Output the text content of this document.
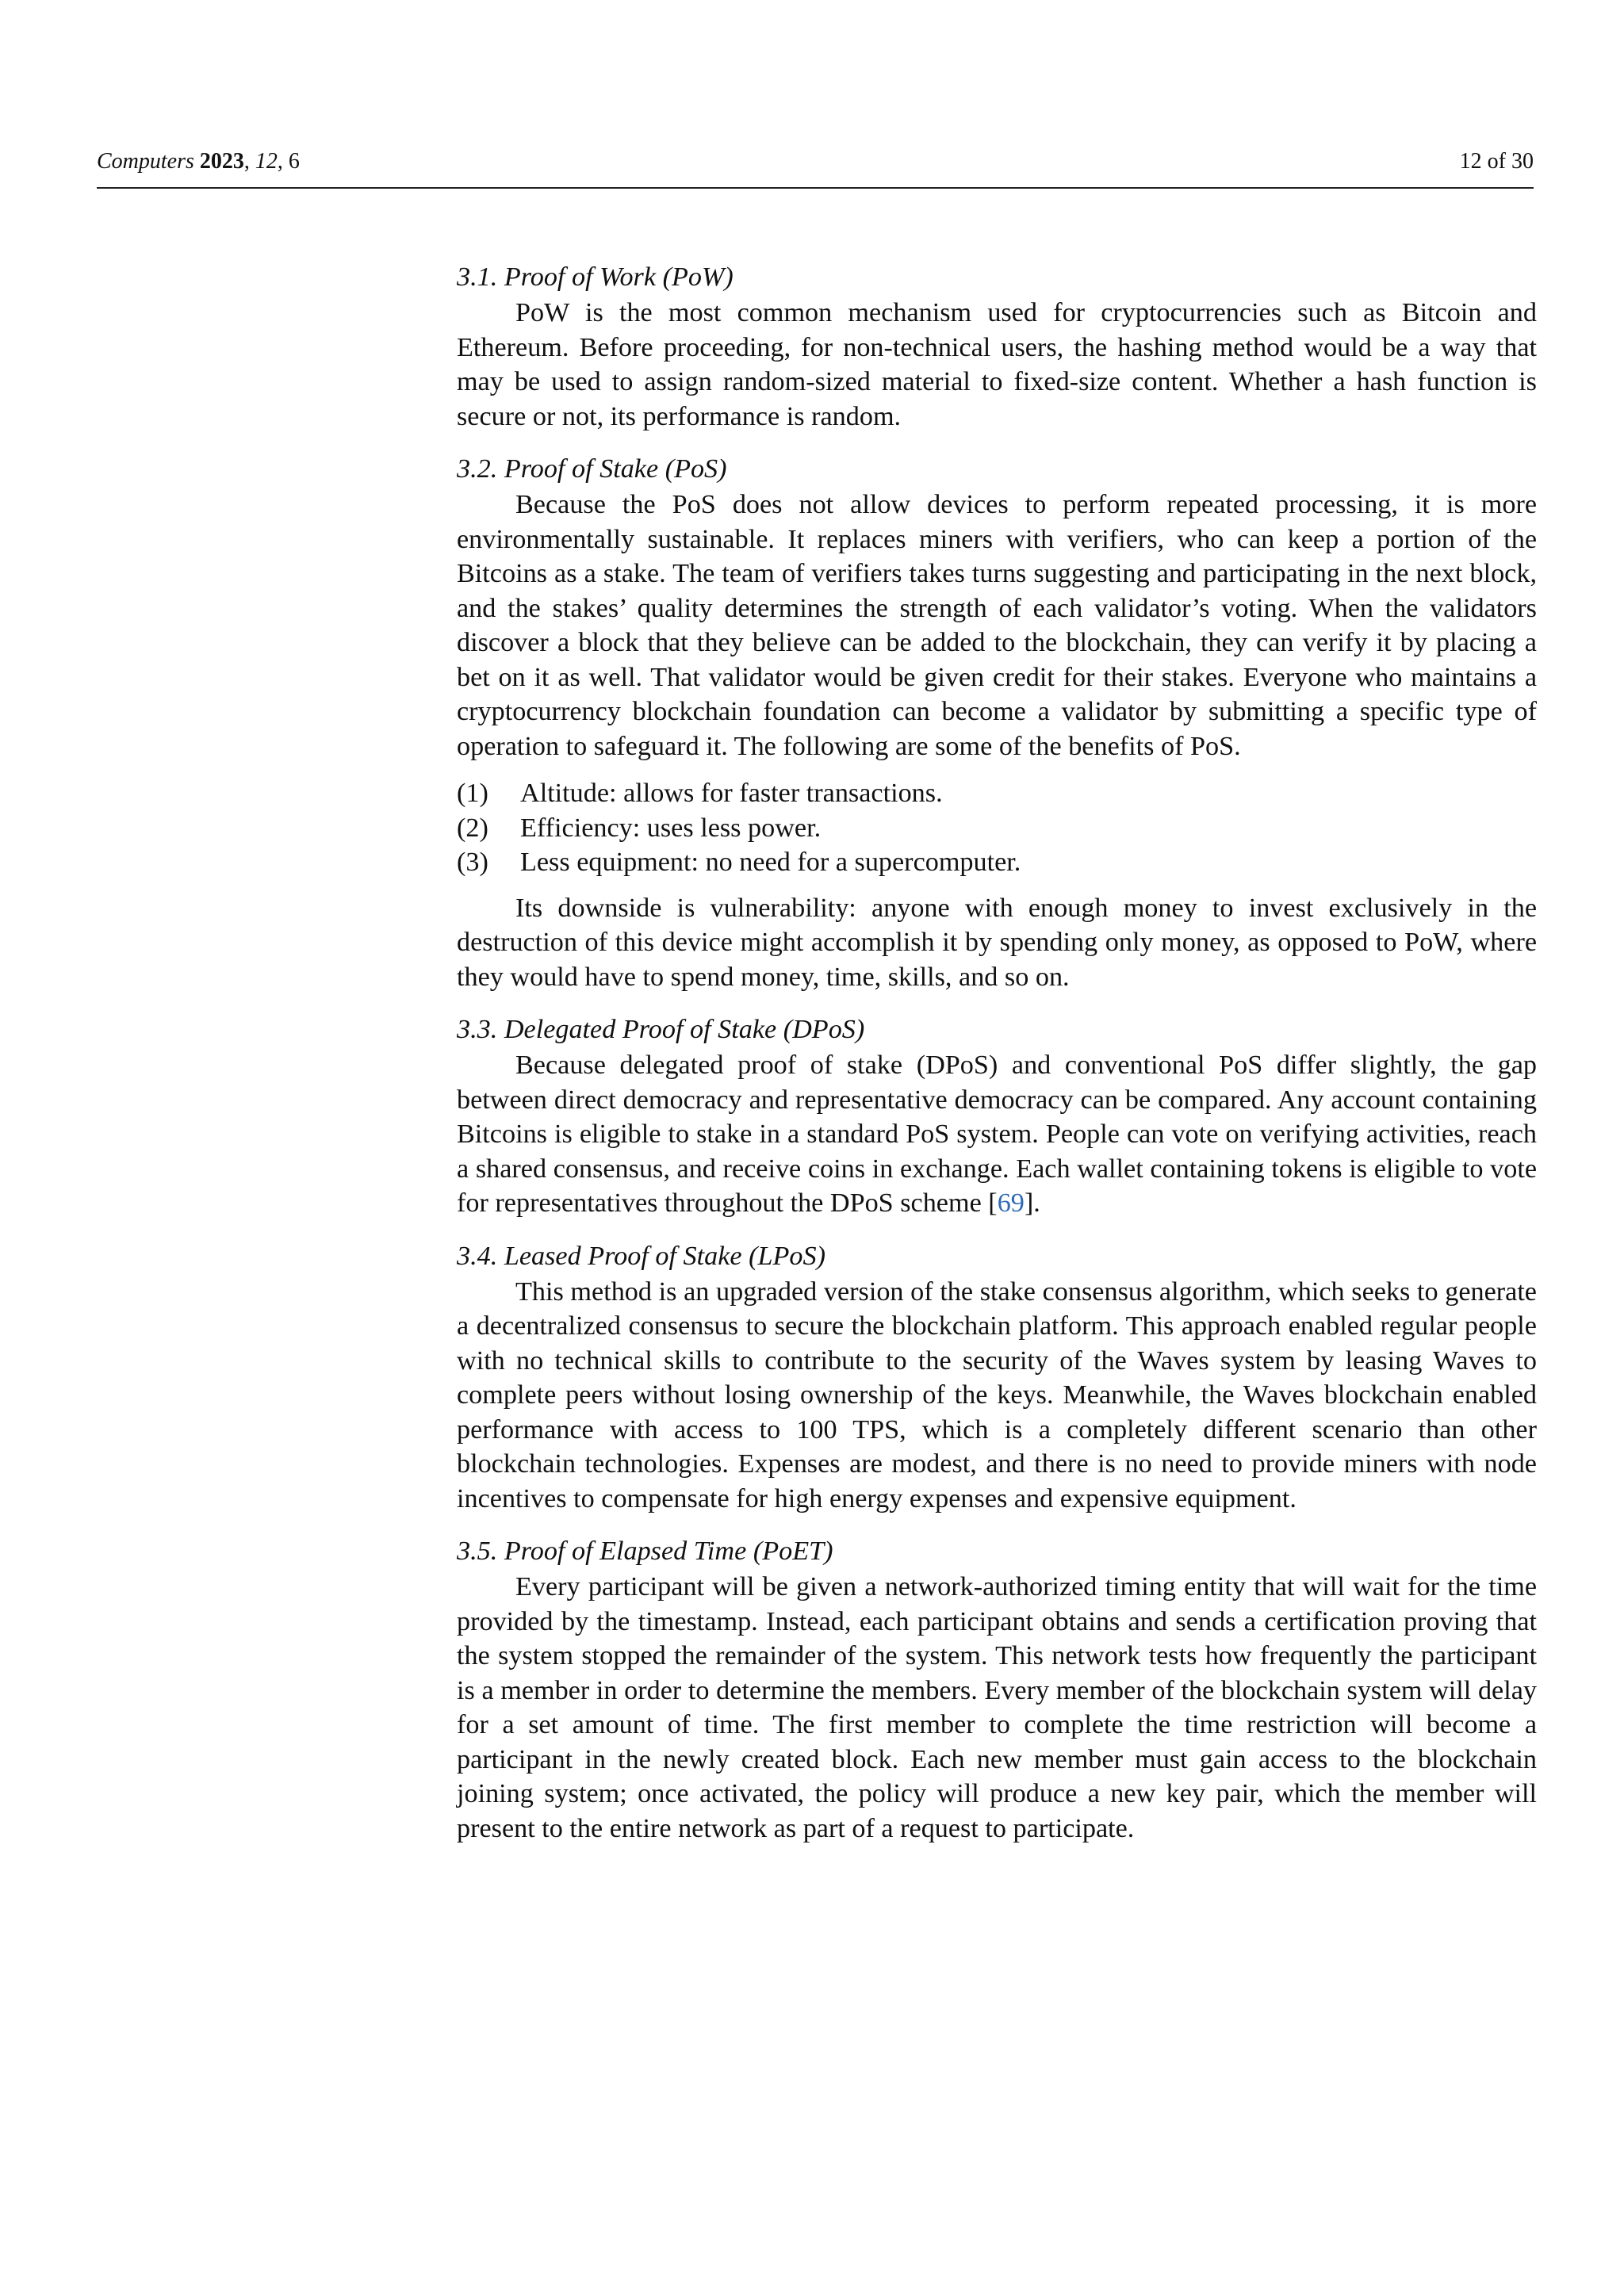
Computers 2023, 12, 6	12 of 30

3.1. Proof of Work (PoW)

PoW is the most common mechanism used for cryptocurrencies such as Bitcoin and Ethereum. Before proceeding, for non-technical users, the hashing method would be a way that may be used to assign random-sized material to fixed-size content. Whether a hash function is secure or not, its performance is random.

3.2. Proof of Stake (PoS)

Because the PoS does not allow devices to perform repeated processing, it is more environmentally sustainable. It replaces miners with verifiers, who can keep a portion of the Bitcoins as a stake. The team of verifiers takes turns suggesting and participating in the next block, and the stakes’ quality determines the strength of each validator’s voting. When the validators discover a block that they believe can be added to the blockchain, they can verify it by placing a bet on it as well. That validator would be given credit for their stakes. Everyone who maintains a cryptocurrency blockchain foundation can become a validator by submitting a specific type of operation to safeguard it. The following are some of the benefits of PoS.

(1) Altitude: allows for faster transactions.
(2) Efficiency: uses less power.
(3) Less equipment: no need for a supercomputer.

Its downside is vulnerability: anyone with enough money to invest exclusively in the destruction of this device might accomplish it by spending only money, as opposed to PoW, where they would have to spend money, time, skills, and so on.

3.3. Delegated Proof of Stake (DPoS)

Because delegated proof of stake (DPoS) and conventional PoS differ slightly, the gap between direct democracy and representative democracy can be compared. Any account containing Bitcoins is eligible to stake in a standard PoS system. People can vote on verifying activities, reach a shared consensus, and receive coins in exchange. Each wallet containing tokens is eligible to vote for representatives throughout the DPoS scheme [69].

3.4. Leased Proof of Stake (LPoS)

This method is an upgraded version of the stake consensus algorithm, which seeks to generate a decentralized consensus to secure the blockchain platform. This approach enabled regular people with no technical skills to contribute to the security of the Waves system by leasing Waves to complete peers without losing ownership of the keys. Meanwhile, the Waves blockchain enabled performance with access to 100 TPS, which is a completely different scenario than other blockchain technologies. Expenses are modest, and there is no need to provide miners with node incentives to compensate for high energy expenses and expensive equipment.

3.5. Proof of Elapsed Time (PoET)

Every participant will be given a network-authorized timing entity that will wait for the time provided by the timestamp. Instead, each participant obtains and sends a certification proving that the system stopped the remainder of the system. This network tests how frequently the participant is a member in order to determine the members. Every member of the blockchain system will delay for a set amount of time. The first member to complete the time restriction will become a participant in the newly created block. Each new member must gain access to the blockchain joining system; once activated, the policy will produce a new key pair, which the member will present to the entire network as part of a request to participate.
